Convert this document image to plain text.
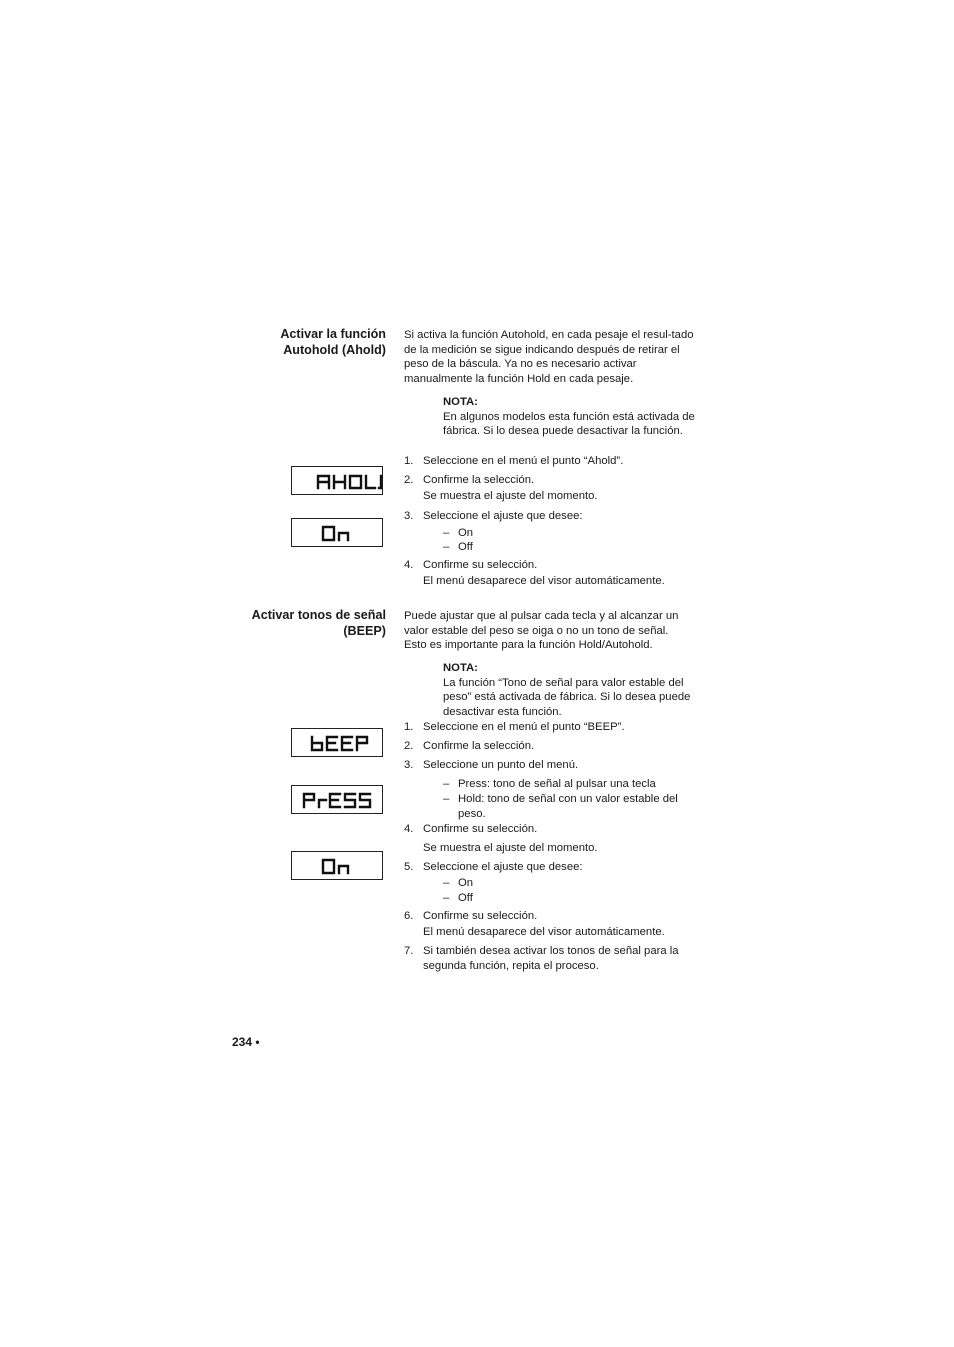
Activar la función
Autohold (Ahold)
Si activa la función Autohold, en cada pesaje el resul-tado de la medición se sigue indicando después de retirar el peso de la báscula. Ya no es necesario activar manualmente la función Hold en cada pesaje.
NOTA:
En algunos modelos esta función está activada de fábrica. Si lo desea puede desactivar la función.
1. Seleccione en el menú el punto “Ahold”.
2. Confirme la selección.
Se muestra el ajuste del momento.
3. Seleccione el ajuste que desee:
– On
– Off
4. Confirme su selección.
El menú desaparece del visor automáticamente.
Activar tonos de señal
(BEEP)
Puede ajustar que al pulsar cada tecla y al alcanzar un valor estable del peso se oiga o no un tono de señal. Esto es importante para la función Hold/Autohold.
NOTA:
La función “Tono de señal para valor estable del peso” está activada de fábrica. Si lo desea puede desactivar esta función.
1. Seleccione en el menú el punto “BEEP”.
2. Confirme la selección.
3. Seleccione un punto del menú.
– Press: tono de señal al pulsar una tecla
– Hold: tono de señal con un valor estable del peso.
4. Confirme su selección.
Se muestra el ajuste del momento.
5. Seleccione el ajuste que desee:
– On
– Off
6. Confirme su selección.
El menú desaparece del visor automáticamente.
7. Si también desea activar los tonos de señal para la segunda función, repita el proceso.
234 •
